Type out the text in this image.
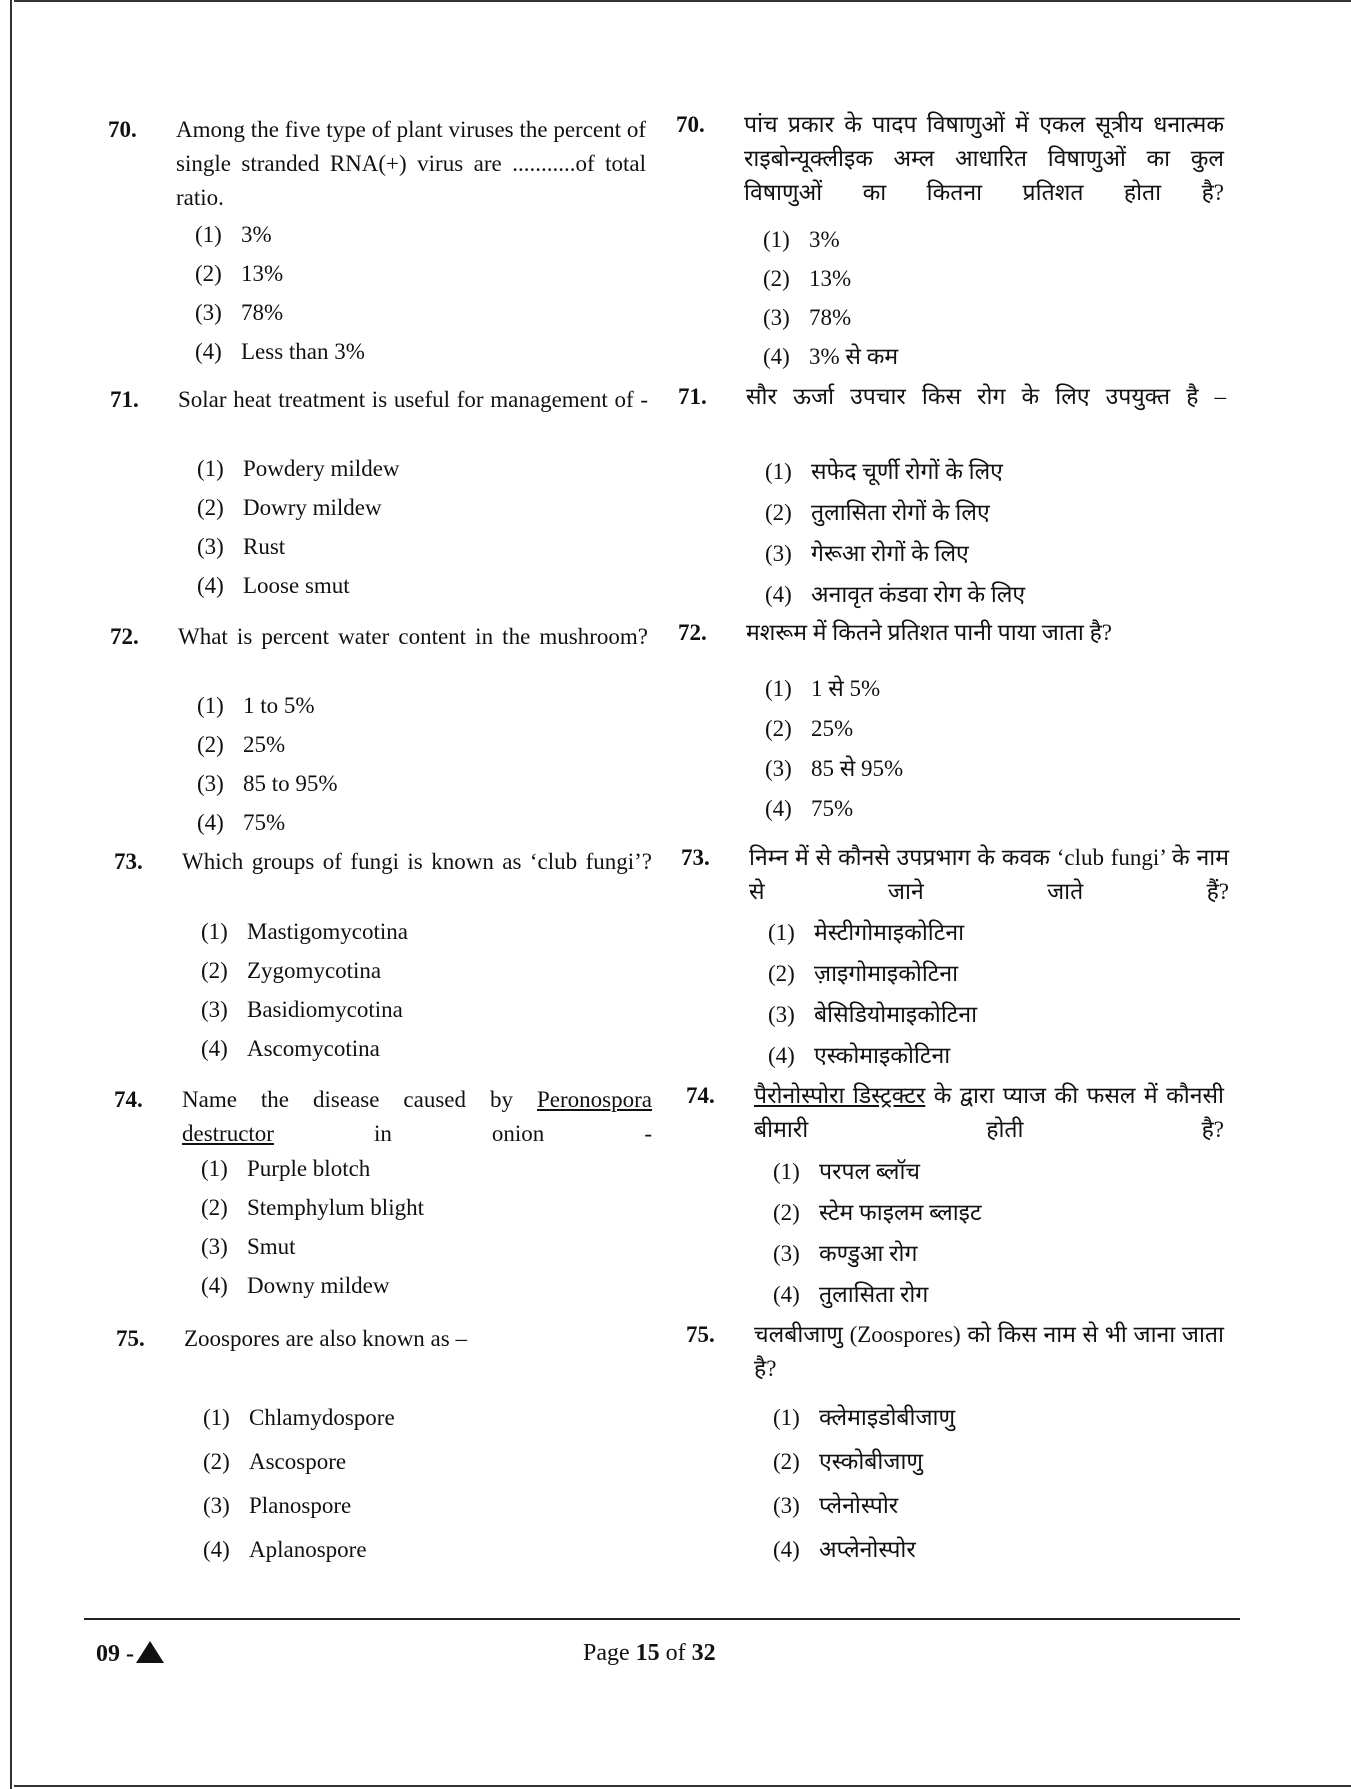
70. Among the five type of plant viruses the percent of single stranded RNA(+) virus are ...........of total ratio.
(1) 3%
(2) 13%
(3) 78%
(4) Less than 3%
70. पांच प्रकार के पादप विषाणुओं में एकल सूत्रीय धनात्मक राइबोन्यूक्लीइक अम्ल आधारित विषाणुओं का कुल विषाणुओं का कितना प्रतिशत होता है?
(1) 3%
(2) 13%
(3) 78%
(4) 3% से कम
71. Solar heat treatment is useful for management of -
(1) Powdery mildew
(2) Dowry mildew
(3) Rust
(4) Loose smut
71. सौर ऊर्जा उपचार किस रोग के लिए उपयुक्त है –
(1) सफेद चूर्णी रोगों के लिए
(2) तुलासिता रोगों के लिए
(3) गेरूआ रोगों के लिए
(4) अनावृत कंडवा रोग के लिए
72. What is percent water content in the mushroom?
(1) 1 to 5%
(2) 25%
(3) 85 to 95%
(4) 75%
72. मशरूम में कितने प्रतिशत पानी पाया जाता है?
(1) 1 से 5%
(2) 25%
(3) 85 से 95%
(4) 75%
73. Which groups of fungi is known as ‘club fungi’?
(1) Mastigomycotina
(2) Zygomycotina
(3) Basidiomycotina
(4) Ascomycotina
73. निम्न में से कौनसे उपप्रभाग के कवक ‘club fungi’ के नाम से जाने जाते हैं?
(1) मेस्टीगोमाइकोटिना
(2) ज़ाइगोमाइकोटिना
(3) बेसिडियोमाइकोटिना
(4) एस्कोमाइकोटिना
74. Name the disease caused by Peronospora destructor in onion -
(1) Purple blotch
(2) Stemphylum blight
(3) Smut
(4) Downy mildew
74. पैरोनोस्पोरा डिस्ट्रक्टर के द्वारा प्याज की फसल में कौनसी बीमारी होती है?
(1) परपल ब्लॉच
(2) स्टेम फाइलम ब्लाइट
(3) कण्डुआ रोग
(4) तुलासिता रोग
75. Zoospores are also known as –
(1) Chlamydospore
(2) Ascospore
(3) Planospore
(4) Aplanospore
75. चलबीजाणु (Zoospores) को किस नाम से भी जाना जाता है?
(1) क्लेमाइडोबीजाणु
(2) एस्कोबीजाणु
(3) प्लेनोस्पोर
(4) अप्लेनोस्पोर
09 -	Page 15 of 32
